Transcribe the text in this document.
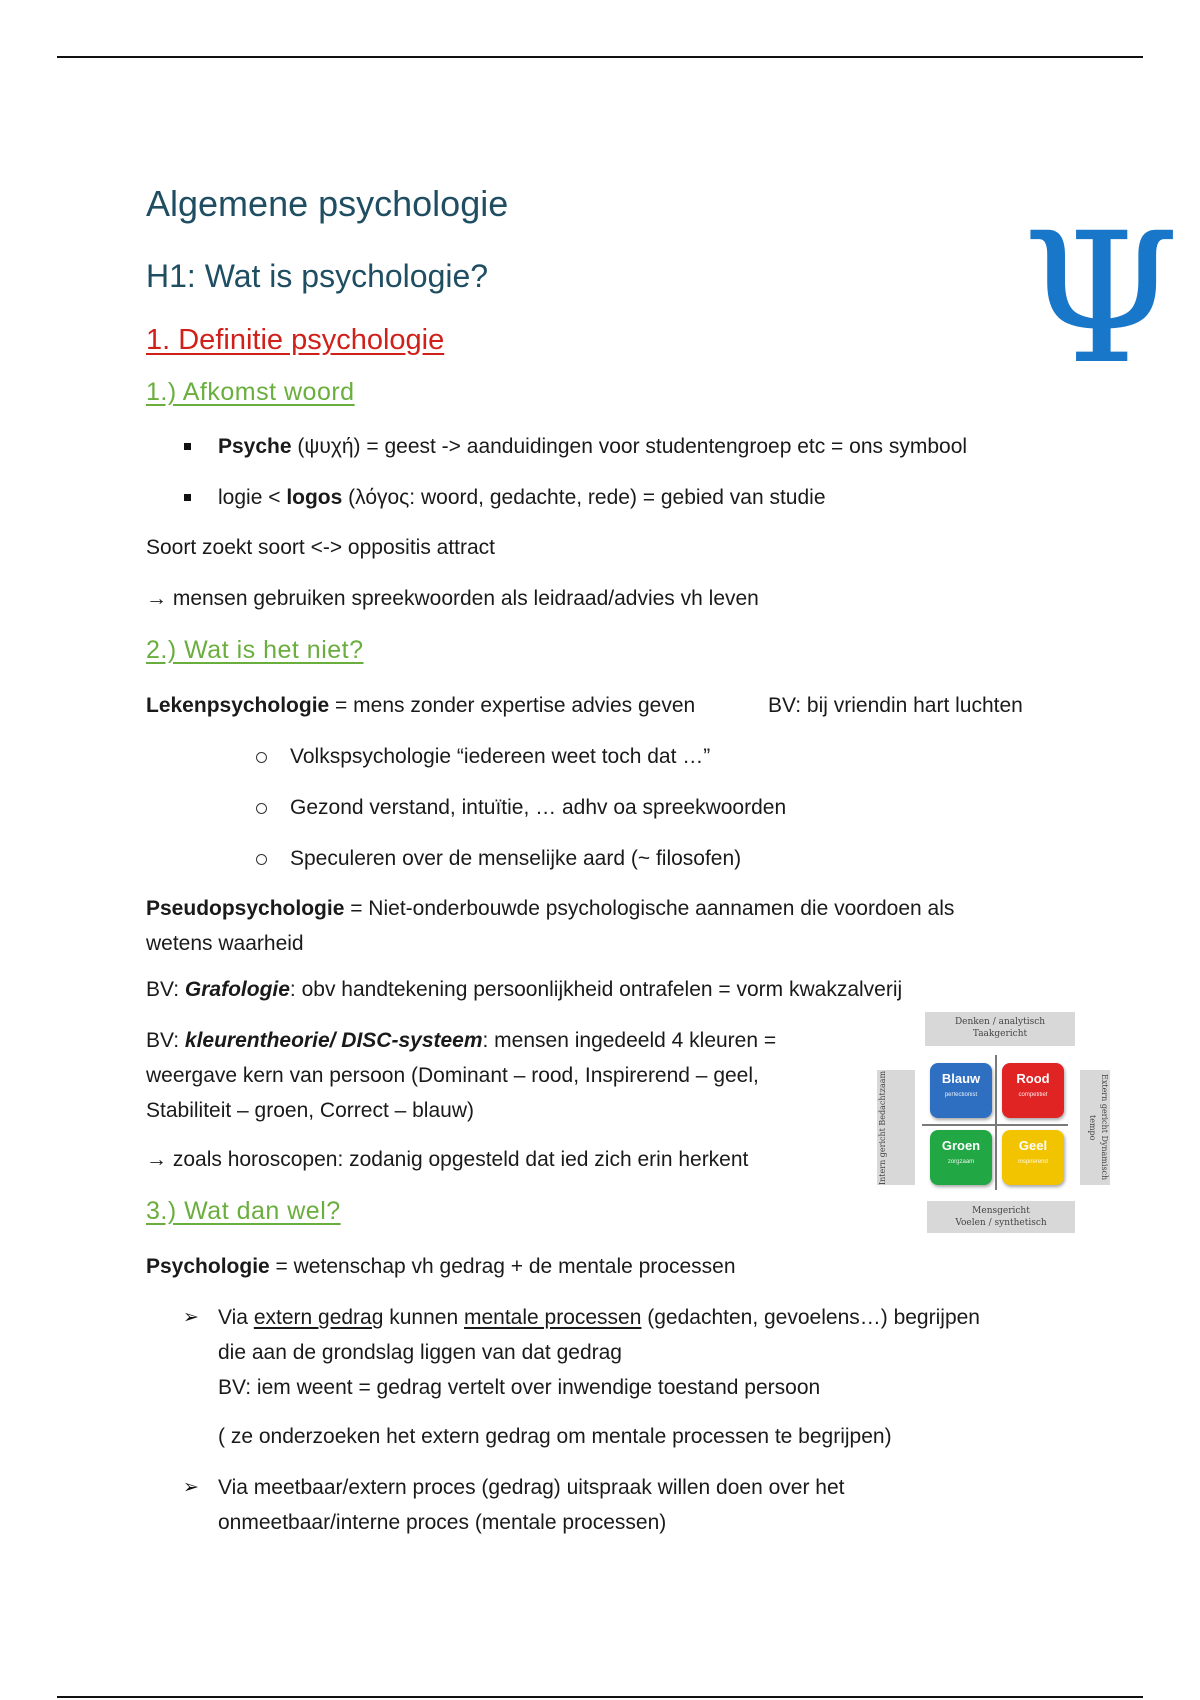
Algemene psychologie
H1: Wat is psychologie?	Ψ
1. Definitie psychologie
1.) Afkomst woord

Psyche (ψυχή) = geest -> aanduidingen voor studentengroep etc = ons symbool

logie < logos (λόγος: woord, gedachte, rede) = gebied van studie

Soort zoekt soort <-> oppositis attract

→ mensen gebruiken spreekwoorden als leidraad/advies vh leven

2.) Wat is het niet?

Lekenpsychologie = mens zonder expertise advies geven	BV: bij vriendin hart luchten

Volkspsychologie “iedereen weet toch dat …”

Gezond verstand, intuïtie, … adhv oa spreekwoorden

Speculeren over de menselijke aard (~ filosofen)

Pseudopsychologie = Niet-onderbouwde psychologische aannamen die voordoen als
wetens waarheid

BV: Grafologie: obv handtekening persoonlijkheid ontrafelen = vorm kwakzalverij

BV: kleurentheorie/ DISC-systeem: mensen ingedeeld 4 kleuren =
weergave kern van persoon (Dominant – rood, Inspirerend – geel,
Stabiliteit – groen, Correct – blauw)

→ zoals horoscopen: zodanig opgesteld dat ied zich erin herkent

Denken / analytisch
Taakgericht
Mensgericht
Voelen / synthetisch
Intern gericht Bedachtzaam	Extern gericht Dynamisch tempo
Blauw
perfectionist
Rood
competitief
Groen
zorgzaam
Geel
inspirerend
3.) Wat dan wel?

Psychologie = wetenschap vh gedrag + de mentale processen

➢ Via extern gedrag kunnen mentale processen (gedachten, gevoelens…) begrijpen
die aan de grondslag liggen van dat gedrag
BV: iem weent = gedrag vertelt over inwendige toestand persoon

( ze onderzoeken het extern gedrag om mentale processen te begrijpen)

➢ Via meetbaar/extern proces (gedrag) uitspraak willen doen over het
onmeetbaar/interne proces (mentale processen)
